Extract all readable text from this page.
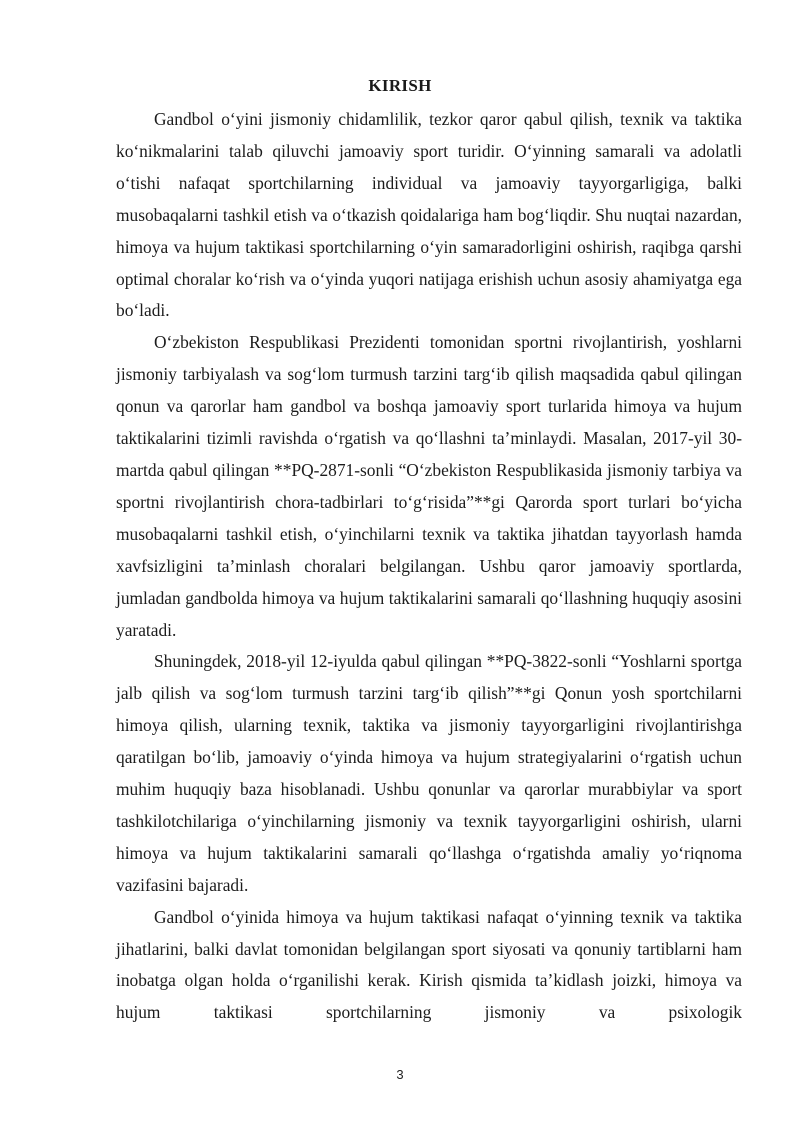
KIRISH

Gandbol o‘yini jismoniy chidamlilik, tezkor qaror qabul qilish, texnik va taktika ko‘nikmalarini talab qiluvchi jamoaviy sport turidir. O‘yinning samarali va adolatli o‘tishi nafaqat sportchilarning individual va jamoaviy tayyorgarligiga, balki musobaqalarni tashkil etish va o‘tkazish qoidalariga ham bog‘liqdir. Shu nuqtai nazardan, himoya va hujum taktikasi sportchilarning o‘yin samaradorligini oshirish, raqibga qarshi optimal choralar ko‘rish va o‘yinda yuqori natijaga erishish uchun asosiy ahamiyatga ega bo‘ladi.

O‘zbekiston Respublikasi Prezidenti tomonidan sportni rivojlantirish, yoshlarni jismoniy tarbiyalash va sog‘lom turmush tarzini targ‘ib qilish maqsadida qabul qilingan qonun va qarorlar ham gandbol va boshqa jamoaviy sport turlarida himoya va hujum taktikalarini tizimli ravishda o‘rgatish va qo‘llashni ta’minlaydi. Masalan, 2017-yil 30-martda qabul qilingan **PQ-2871-sonli “O‘zbekiston Respublikasida jismoniy tarbiya va sportni rivojlantirish chora-tadbirlari to‘g‘risida”**gi Qarorda sport turlari bo‘yicha musobaqalarni tashkil etish, o‘yinchilarni texnik va taktika jihatdan tayyorlash hamda xavfsizligini ta’minlash choralari belgilangan. Ushbu qaror jamoaviy sportlarda, jumladan gandbolda himoya va hujum taktikalarini samarali qo‘llashning huquqiy asosini yaratadi.

Shuningdek, 2018-yil 12-iyulda qabul qilingan **PQ-3822-sonli “Yoshlarni sportga jalb qilish va sog‘lom turmush tarzini targ‘ib qilish”**gi Qonun yosh sportchilarni himoya qilish, ularning texnik, taktika va jismoniy tayyorgarligini rivojlantirishga qaratilgan bo‘lib, jamoaviy o‘yinda himoya va hujum strategiyalarini o‘rgatish uchun muhim huquqiy baza hisoblanadi. Ushbu qonunlar va qarorlar murabbiylar va sport tashkilotchilariga o‘yinchilarning jismoniy va texnik tayyorgarligini oshirish, ularni himoya va hujum taktikalarini samarali qo‘llashga o‘rgatishda amaliy yo‘riqnoma vazifasini bajaradi.

Gandbol o‘yinida himoya va hujum taktikasi nafaqat o‘yinning texnik va taktika jihatlarini, balki davlat tomonidan belgilangan sport siyosati va qonuniy tartiblarni ham inobatga olgan holda o‘rganilishi kerak. Kirish qismida ta’kidlash joizki, himoya va hujum taktikasi sportchilarning jismoniy va psixologik

3
